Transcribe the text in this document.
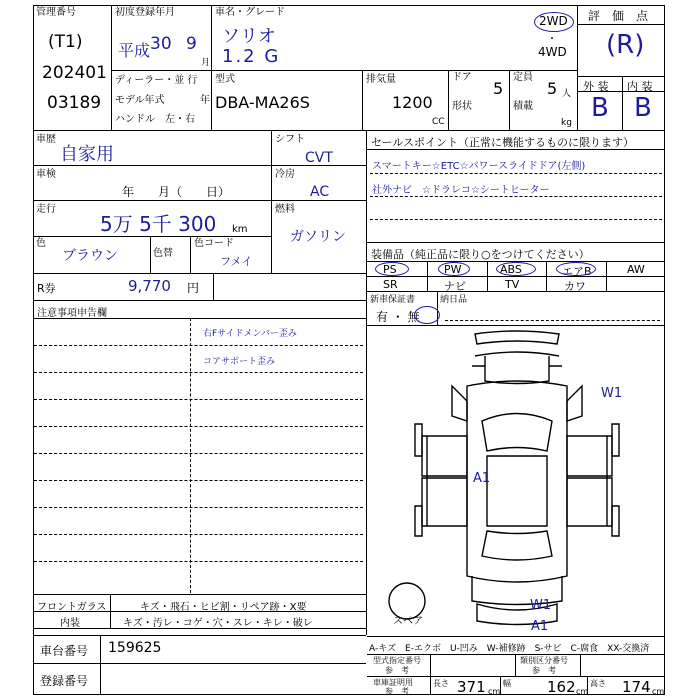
管理番号
(T1)
202401
03189
初度登録年月
平成 30 9
月
車名・グレード
ソリオ
1.2 G
2WD
・
4WD
ディーラー・並 行
モデル年式	年
ハンドル　左・右
型式
DBA-MA26S
排気量
1200
CC
ドア
5
形状
定員
5 人
積載
kg
評　価　点
(R)
外 装 内 装
B B
車歴
自家用
車検
年　　月（　　日）
走行
5万 5千 300 km
色
ブラウン	色替
色コード
フメイ
シフト
CVT
冷房
AC
燃料
ガソリン
R券	9,770 円
セールスポイント（正常に機能するものに限ります）
スマートキー☆ETC☆パワースライドドア(左側)
社外ナビ　☆ドラレコ☆シートヒーター
装備品（純正品に限り○をつけてください）
PS	PW	ABS	エアB	AW
SR	ナビ	TV	カワ
新車保証書
有 ・ 無
納日品
注意事項申告欄
右Fサイドメンバー歪み
コアサポート歪み
W1
A1
W1
A1
スペア
A-キズ　E-エクボ　U-凹み　W-補修跡　S-サビ　C-腐食　XX-交換済
フロントガラス	キズ・飛石・ヒビ割・リペア跡・X要
内装	キズ・汚レ・コゲ・穴・スレ・キレ・破レ
車台番号 159625
登録番号
型式指定番号
参　考
類別区分番号
参　考
車庫証明用
参　考
長さ 371 cm
幅 162 cm
高さ 174 cm
